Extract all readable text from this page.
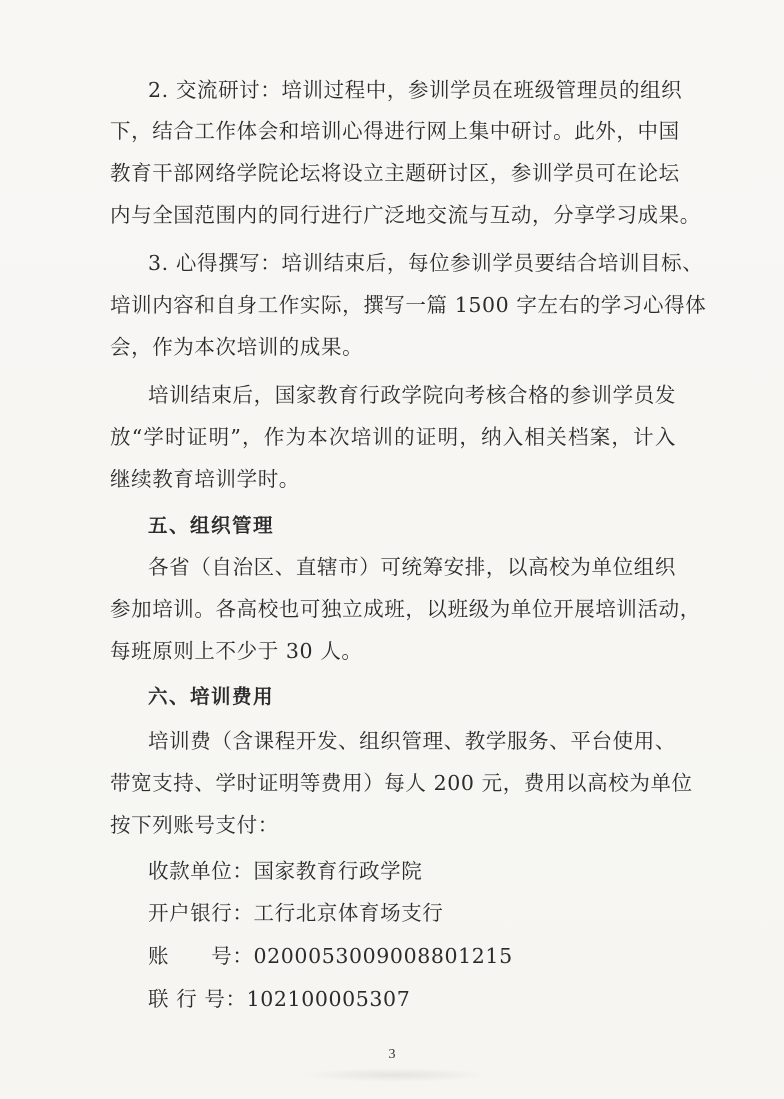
2. 交流研讨：培训过程中，参训学员在班级管理员的组织
下，结合工作体会和培训心得进行网上集中研讨。此外，中国
教育干部网络学院论坛将设立主题研讨区，参训学员可在论坛
内与全国范围内的同行进行广泛地交流与互动，分享学习成果。
3. 心得撰写：培训结束后，每位参训学员要结合培训目标、
培训内容和自身工作实际，撰写一篇 1500 字左右的学习心得体
会，作为本次培训的成果。
培训结束后，国家教育行政学院向考核合格的参训学员发
放“学时证明”，作为本次培训的证明，纳入相关档案，计入
继续教育培训学时。
五、组织管理
各省（自治区、直辖市）可统筹安排，以高校为单位组织
参加培训。各高校也可独立成班，以班级为单位开展培训活动，
每班原则上不少于 30 人。
六、培训费用
培训费（含课程开发、组织管理、教学服务、平台使用、
带宽支持、学时证明等费用）每人 200 元，费用以高校为单位
按下列账号支付：
收款单位：国家教育行政学院
开户银行：工行北京体育场支行
账　　号：0200053009008801215
联 行 号：102100005307
3
